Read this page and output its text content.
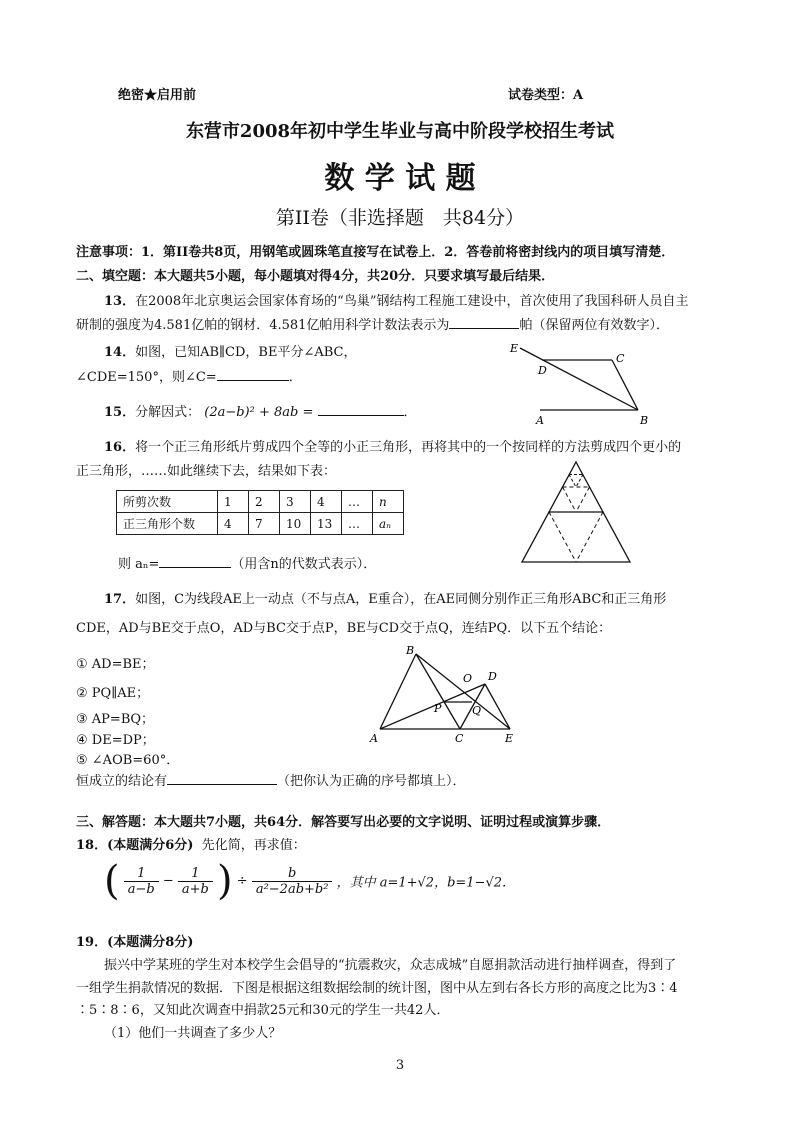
绝密★启用前	试卷类型：A
东营市2008年初中学生毕业与高中阶段学校招生考试
数 学 试 题
第II卷（非选择题　共84分）
注意事项：1．第II卷共8页，用钢笔或圆珠笔直接写在试卷上．2．答卷前将密封线内的项目填写清楚．
二、填空题：本大题共5小题，每小题填对得4分，共20分．只要求填写最后结果．
13．在2008年北京奥运会国家体育场的“鸟巢”钢结构工程施工建设中，首次使用了我国科研人员自主
研制的强度为4.581亿帕的钢材．4.581亿帕用科学计数法表示为	帕（保留两位有效数字）．
14．如图，已知AB∥CD，BE平分∠ABC，
∠CDE=150°，则∠C=	．
E
D
C
A	B
15．分解因式： (2a−b)² + 8ab =	．
16．将一个正三角形纸片剪成四个全等的小正三角形，再将其中的一个按同样的方法剪成四个更小的
正三角形，……如此继续下去，结果如下表：
所剪次数	1	2	3	4	…	n
正三角形个数	4	7	10	13	…	aₙ
则 aₙ=	（用含n的代数式表示）．
17．如图，C为线段AE上一动点（不与点A，E重合），在AE同侧分别作正三角形ABC和正三角形
CDE，AD与BE交于点O，AD与BC交于点P，BE与CD交于点Q，连结PQ．以下五个结论：
① AD=BE；
② PQ∥AE；
③ AP=BQ；
④ DE=DP；
⑤ ∠AOB=60°．
恒成立的结论有	（把你认为正确的序号都填上）．
A
B
C
D
E
O
P	Q
三、解答题：本大题共7小题，共64分．解答要写出必要的文字说明、证明过程或演算步骤．
18．(本题满分6分) 先化简，再求值：
( $\frac{1}{a-b} - \frac{1}{a+b}$ ) ÷ $\frac{b}{\text{a²−2ab+b²}}$ ，其中 a=1+√2，b=1−√2．
19．(本题满分8分)
振兴中学某班的学生对本校学生会倡导的“抗震救灾，众志成城”自愿捐款活动进行抽样调查，得到了
一组学生捐款情况的数据．下图是根据这组数据绘制的统计图，图中从左到右各长方形的高度之比为3∶4
∶5∶8∶6，又知此次调查中捐款25元和30元的学生一共42人．
（1）他们一共调查了多少人？
3
